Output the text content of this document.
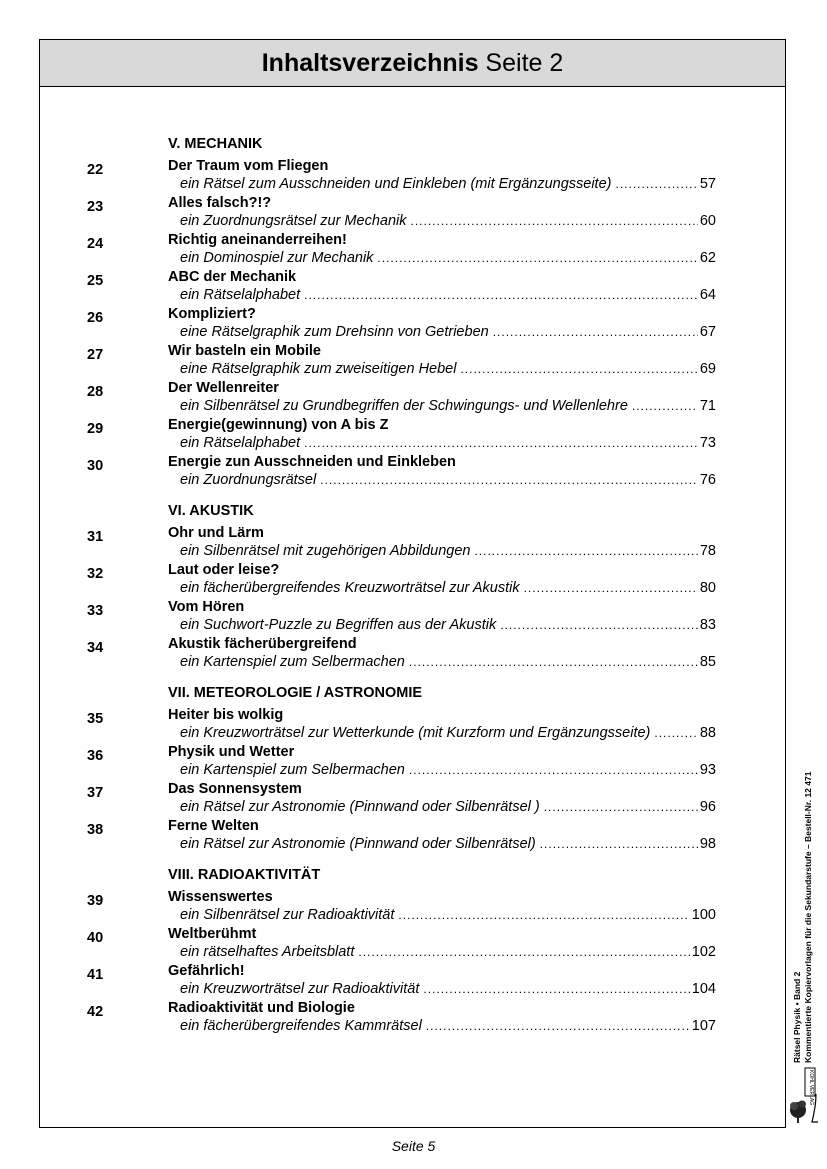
Inhaltsverzeichnis Seite 2
V. MECHANIK
22	Der Traum vom Fliegen
ein Rätsel zum Ausschneiden und Einkleben (mit Ergänzungsseite) .....	57
23	Alles falsch?!?
ein Zuordnungsrätsel zur Mechanik .....	60
24	Richtig aneinanderreihen!
ein Dominospiel zur Mechanik .....	62
25	ABC der Mechanik
ein Rätselalphabet .....	64
26	Kompliziert?
eine Rätselgraphik zum Drehsinn von Getrieben .....	67
27	Wir basteln ein Mobile
eine Rätselgraphik zum zweiseitigen Hebel .....	69
28	Der Wellenreiter
ein Silbenrätsel zu Grundbegriffen der Schwingungs- und Wellenlehre .....	71
29	Energie(gewinnung) von A bis Z
ein Rätselalphabet .....	73
30	Energie zun Ausschneiden und Einkleben
ein Zuordnungsrätsel .....	76
VI. AKUSTIK
31	Ohr und Lärm
ein Silbenrätsel mit zugehörigen Abbildungen .....	78
32	Laut oder leise?
ein fächerübergreifendes Kreuzworträtsel zur Akustik .....	80
33	Vom Hören
ein Suchwort-Puzzle zu Begriffen aus der Akustik .....	83
34	Akustik fächerübergreifend
ein Kartenspiel zum Selbermachen .....	85
VII. METEOROLOGIE / ASTRONOMIE
35	Heiter bis wolkig
ein Kreuzworträtsel zur Wetterkunde (mit Kurzform und Ergänzungsseite) .....	88
36	Physik und Wetter
ein Kartenspiel zum Selbermachen .....	93
37	Das Sonnensystem
ein Rätsel zur Astronomie (Pinnwand oder Silbenrätsel ) .....	96
38	Ferne Welten
ein Rätsel zur Astronomie (Pinnwand oder Silbenrätsel) .....	98
VIII. RADIOAKTIVITÄT
39	Wissenswertes
ein Silbenrätsel zur Radioaktivität .....	100
40	Weltberühmt
ein rätselhaftes Arbeitsblatt .....	102
41	Gefährlich!
ein Kreuzworträtsel zur Radioaktivität .....	104
42	Radioaktivität und Biologie
ein fächerübergreifendes Kammrätsel .....	107	Rätsel Physik • Band 2 Kommentierte Kopiervorlagen für die Sekundarstufe – Bestell-Nr. 12 471
KOHL VERLAG
Seite 5
